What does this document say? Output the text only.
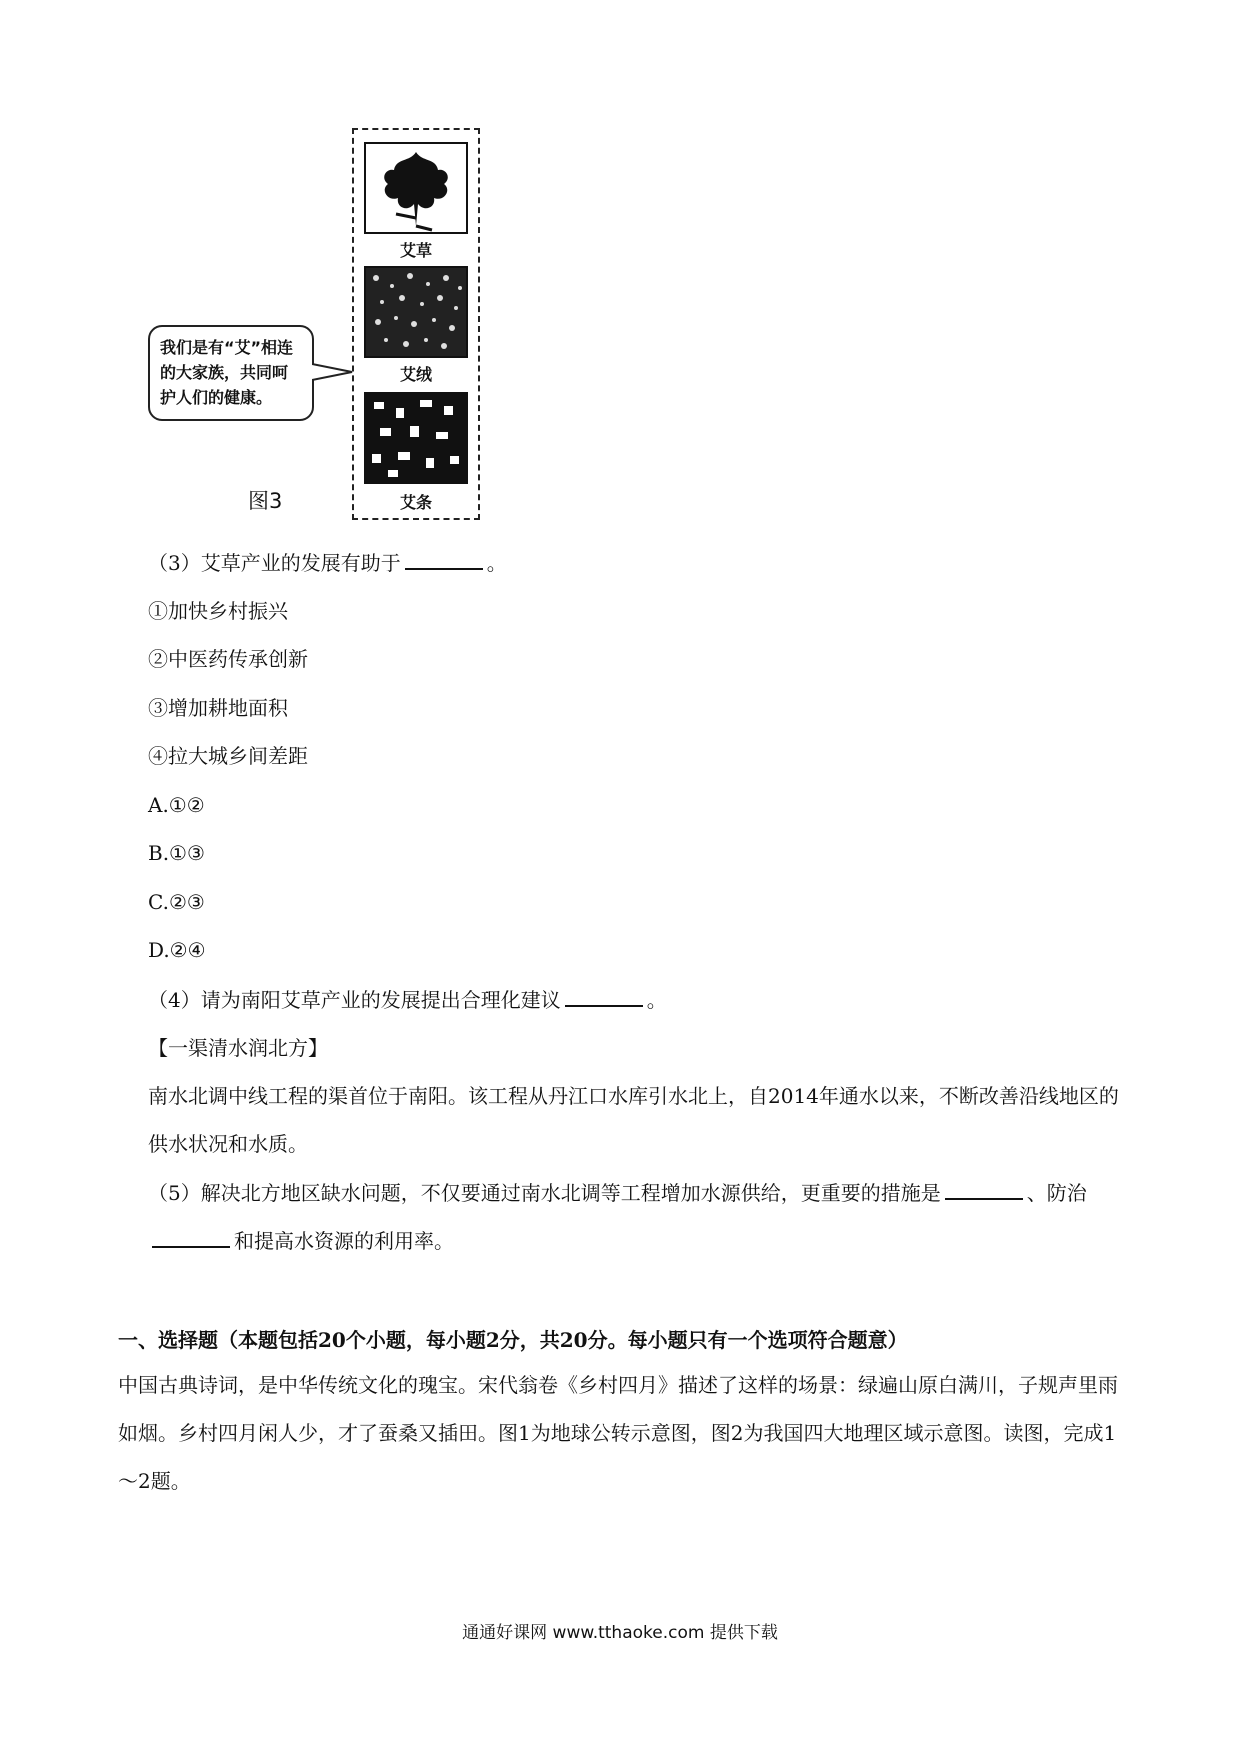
艾草
艾绒
艾条
我们是有“艾”相连的大家族，共同呵护人们的健康。
图3
（3）艾草产业的发展有助于	。
①加快乡村振兴
②中医药传承创新
③增加耕地面积
④拉大城乡间差距
A.①②
B.①③
C.②③
D.②④
（4）请为南阳艾草产业的发展提出合理化建议	。
【一渠清水润北方】
南水北调中线工程的渠首位于南阳。该工程从丹江口水库引水北上，自2014年通水以来，不断改善沿线地区的供水状况和水质。
（5）解决北方地区缺水问题，不仅要通过南水北调等工程增加水源供给，更重要的措施是	、防治和提高水资源的利用率。
一、选择题（本题包括20个小题，每小题2分，共20分。每小题只有一个选项符合题意）
中国古典诗词，是中华传统文化的瑰宝。宋代翁卷《乡村四月》描述了这样的场景：绿遍山原白满川，子规声里雨如烟。乡村四月闲人少，才了蚕桑又插田。图1为地球公转示意图，图2为我国四大地理区域示意图。读图，完成1～2题。
通通好课网 www.tthaoke.com 提供下载
